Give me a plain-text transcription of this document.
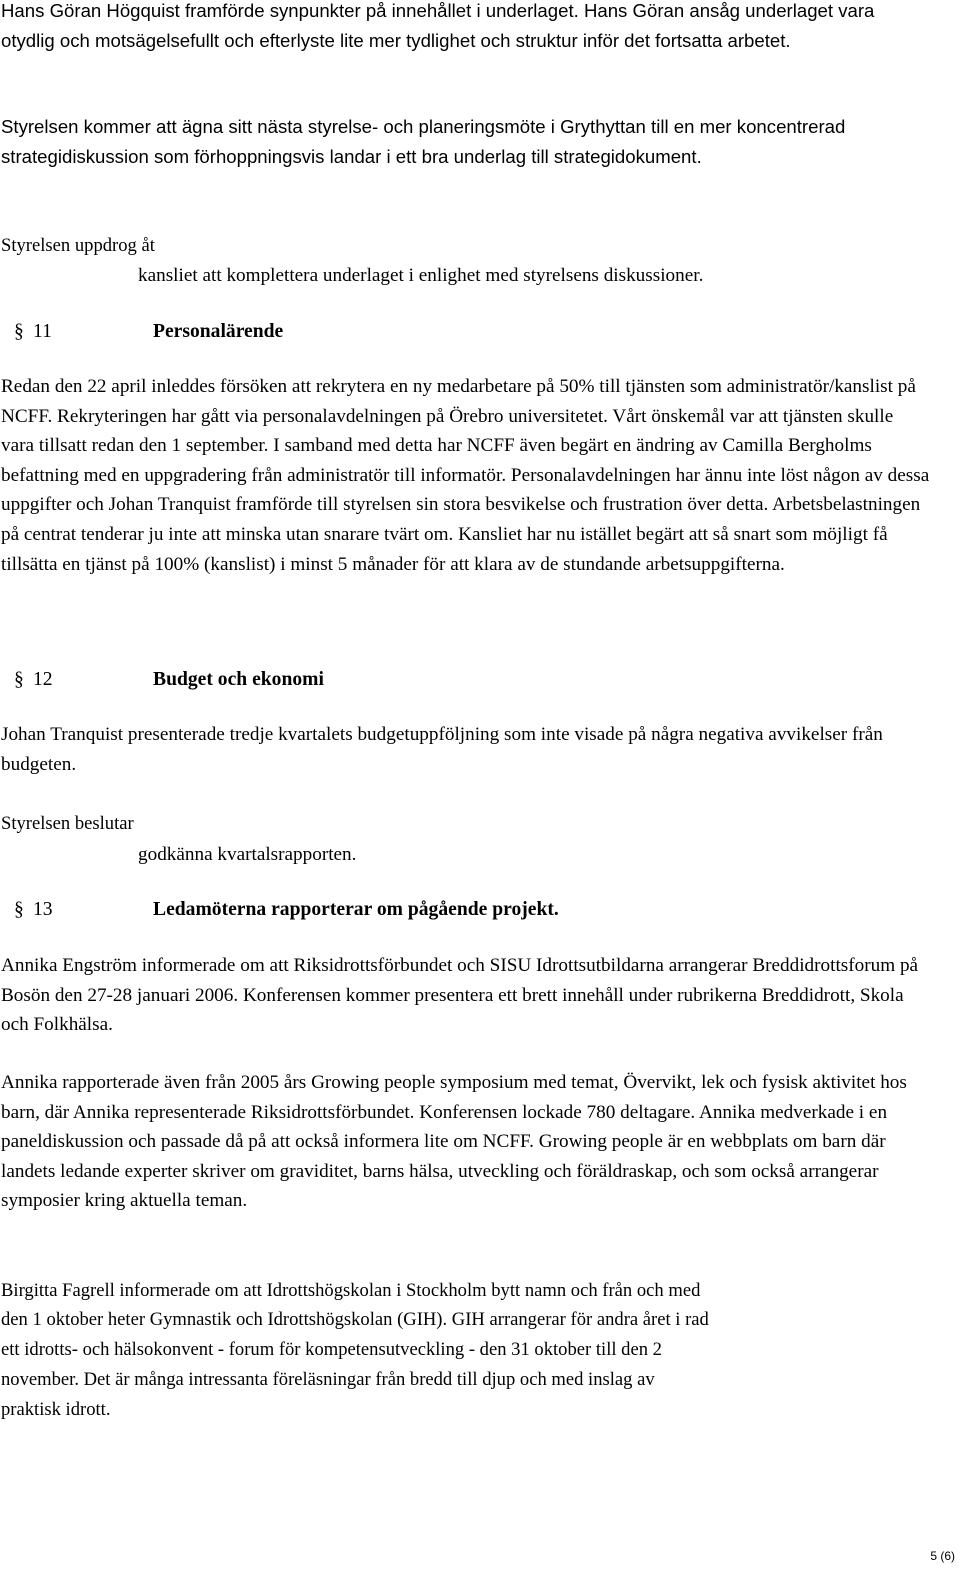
Hans Göran Högquist framförde synpunkter på innehållet i underlaget. Hans Göran ansåg underlaget vara otydlig och motsägelsefullt och efterlyste lite mer tydlighet och struktur inför det fortsatta arbetet.

Styrelsen kommer att ägna sitt nästa styrelse- och planeringsmöte i Grythyttan till en mer koncentrerad strategidiskussion som förhoppningsvis landar i ett bra underlag till strategidokument.

Styrelsen uppdrog åt

kansliet att komplettera underlaget i enlighet med styrelsens diskussioner.

§ 11	Personalärende

Redan den 22 april inleddes försöken att rekrytera en ny medarbetare på 50% till tjänsten som administratör/kanslist på NCFF. Rekryteringen har gått via personalavdelningen på Örebro universitetet. Vårt önskemål var att tjänsten skulle vara tillsatt redan den 1 september. I samband med detta har NCFF även begärt en ändring av Camilla Bergholms befattning med en uppgradering från administratör till informatör. Personalavdelningen har ännu inte löst någon av dessa uppgifter och Johan Tranquist framförde till styrelsen sin stora besvikelse och frustration över detta. Arbetsbelastningen på centrat tenderar ju inte att minska utan snarare tvärt om. Kansliet har nu istället begärt att så snart som möjligt få tillsätta en tjänst på 100% (kanslist) i minst 5 månader för att klara av de stundande arbetsuppgifterna.

§ 12	Budget och ekonomi

Johan Tranquist presenterade tredje kvartalets budgetuppföljning som inte visade på några negativa avvikelser från budgeten.

Styrelsen beslutar

godkänna kvartalsrapporten.

§ 13	Ledamöterna rapporterar om pågående projekt.

Annika Engström informerade om att Riksidrottsförbundet och SISU Idrottsutbildarna arrangerar Breddidrottsforum på Bosön den 27-28 januari 2006. Konferensen kommer presentera ett brett innehåll under rubrikerna Breddidrott, Skola och Folkhälsa.

Annika rapporterade även från 2005 års Growing people symposium med temat, Övervikt, lek och fysisk aktivitet hos barn, där Annika representerade Riksidrottsförbundet. Konferensen lockade 780 deltagare. Annika medverkade i en paneldiskussion och passade då på att också informera lite om NCFF. Growing people är en webbplats om barn där landets ledande experter skriver om graviditet, barns hälsa, utveckling och föräldraskap, och som också arrangerar symposier kring aktuella teman.

Birgitta Fagrell informerade om att Idrottshögskolan i Stockholm bytt namn och från och med

den 1 oktober heter Gymnastik och Idrottshögskolan (GIH). GIH arrangerar för andra året i rad

ett idrotts- och hälsokonvent - forum för kompetensutveckling - den 31 oktober till den 2

november. Det är många intressanta föreläsningar från bredd till djup och med inslag av

praktisk idrott.

5 (6)
